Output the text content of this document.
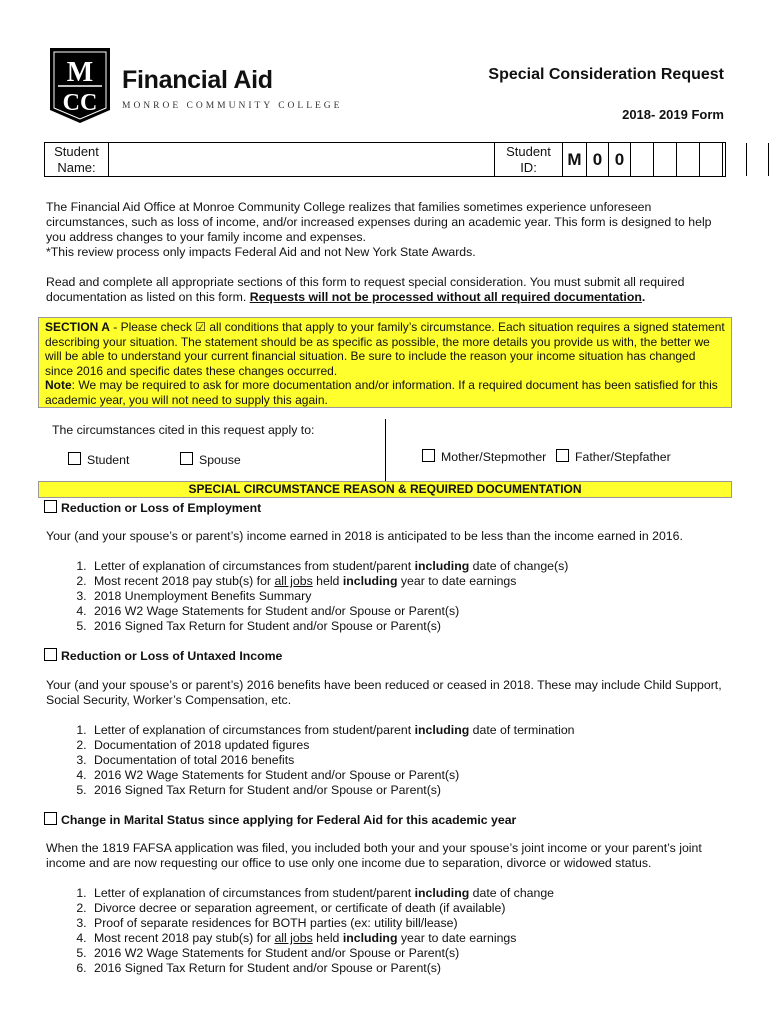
M
CC
Financial Aid
MONROE COMMUNITY COLLEGE
Special Consideration Request
2018- 2019 Form
Student
Name:
Student
ID:	M 0 0

The Financial Aid Office at Monroe Community College realizes that families sometimes experience unforeseen circumstances, such as loss of income, and/or increased expenses during an academic year. This form is designed to help you address changes to your family income and expenses.

*This review process only impacts Federal Aid and not New York State Awards.

Read and complete all appropriate sections of this form to request special consideration. You must submit all required documentation as listed on this form. Requests will not be processed without all required documentation.

SECTION A - Please check ☑ all conditions that apply to your family’s circumstance. Each situation requires a signed statement describing your situation. The statement should be as specific as possible, the more details you provide us with, the better we will be able to understand your current financial situation. Be sure to include the reason your income situation has changed since 2016 and specific dates these changes occurred.
Note: We may be required to ask for more documentation and/or information. If a required document has been satisfied for this academic year, you will not need to supply this again.
The circumstances cited in this request apply to:
Student	Spouse	Mother/Stepmother	Father/Stepfather
SPECIAL CIRCUMSTANCE REASON & REQUIRED DOCUMENTATION
Reduction or Loss of Employment
Your (and your spouse’s or parent’s) income earned in 2018 is anticipated to be less than the income earned in 2016.
1. Letter of explanation of circumstances from student/parent including date of change(s)
2. Most recent 2018 pay stub(s) for all jobs held including year to date earnings
3. 2018 Unemployment Benefits Summary
4. 2016 W2 Wage Statements for Student and/or Spouse or Parent(s)
5. 2016 Signed Tax Return for Student and/or Spouse or Parent(s)
Reduction or Loss of Untaxed Income
Your (and your spouse’s or parent’s) 2016 benefits have been reduced or ceased in 2018. These may include Child Support, Social Security, Worker’s Compensation, etc.
1. Letter of explanation of circumstances from student/parent including date of termination
2. Documentation of 2018 updated figures
3. Documentation of total 2016 benefits
4. 2016 W2 Wage Statements for Student and/or Spouse or Parent(s)
5. 2016 Signed Tax Return for Student and/or Spouse or Parent(s)
Change in Marital Status since applying for Federal Aid for this academic year
When the 1819 FAFSA application was filed, you included both your and your spouse’s joint income or your parent’s joint income and are now requesting our office to use only one income due to separation, divorce or widowed status.
1. Letter of explanation of circumstances from student/parent including date of change
2. Divorce decree or separation agreement, or certificate of death (if available)
3. Proof of separate residences for BOTH parties (ex: utility bill/lease)
4. Most recent 2018 pay stub(s) for all jobs held including year to date earnings
5. 2016 W2 Wage Statements for Student and/or Spouse or Parent(s)
6. 2016 Signed Tax Return for Student and/or Spouse or Parent(s)
